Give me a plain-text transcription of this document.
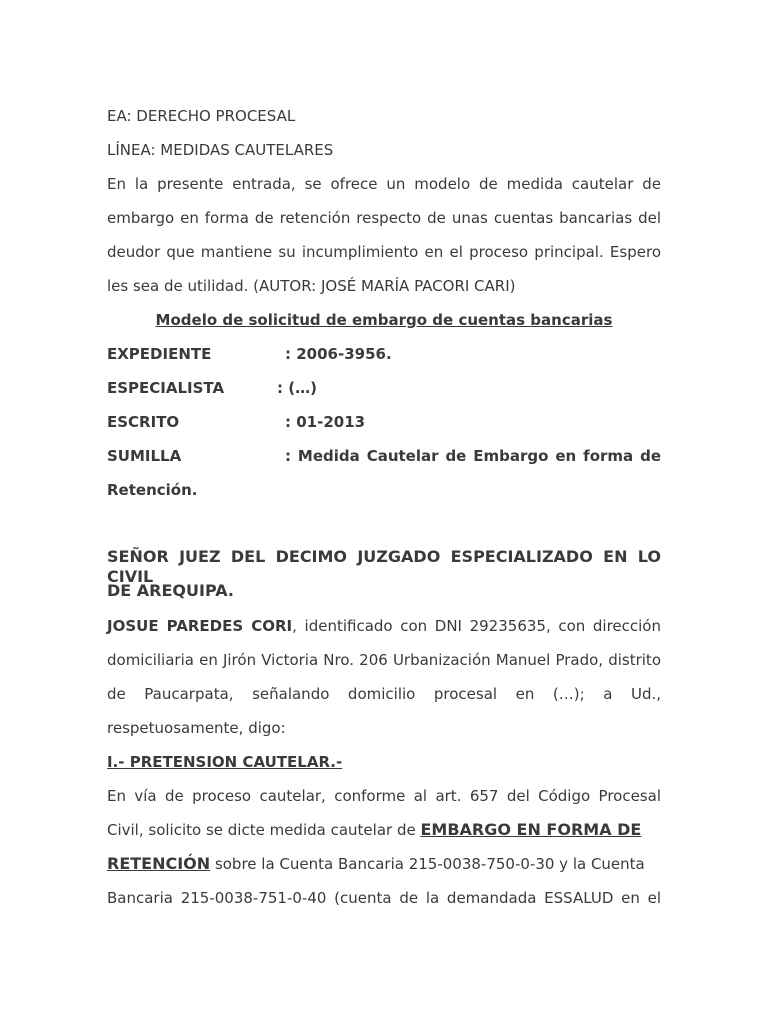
EA: DERECHO PROCESAL
LÍNEA: MEDIDAS CAUTELARES
En la presente entrada, se ofrece un modelo de medida cautelar de
embargo en forma de retención respecto de unas cuentas bancarias del
deudor que mantiene su incumplimiento en el proceso principal. Espero
les sea de utilidad. (AUTOR: JOSÉ MARÍA PACORI CARI)
Modelo de solicitud de embargo de cuentas bancarias
EXPEDIENTE	: 2006-3956.
ESPECIALISTA	: (…)
ESCRITO	: 01-2013
SUMILLA	: Medida Cautelar de Embargo en forma de
Retención.
SEÑOR JUEZ DEL DECIMO JUZGADO ESPECIALIZADO EN LO CIVIL
DE AREQUIPA.
JOSUE PAREDES CORI, identificado con DNI 29235635, con dirección
domiciliaria en Jirón Victoria Nro. 206 Urbanización Manuel Prado, distrito
de Paucarpata, señalando domicilio procesal en (…); a Ud.,
respetuosamente, digo:
I.- PRETENSION CAUTELAR.-
En vía de proceso cautelar, conforme al art. 657 del Código Procesal
Civil, solicito se dicte medida cautelar de EMBARGO EN FORMA DE
RETENCIÓN sobre la Cuenta Bancaria 215-0038-750-0-30 y la Cuenta
Bancaria 215-0038-751-0-40 (cuenta de la demandada ESSALUD en el
